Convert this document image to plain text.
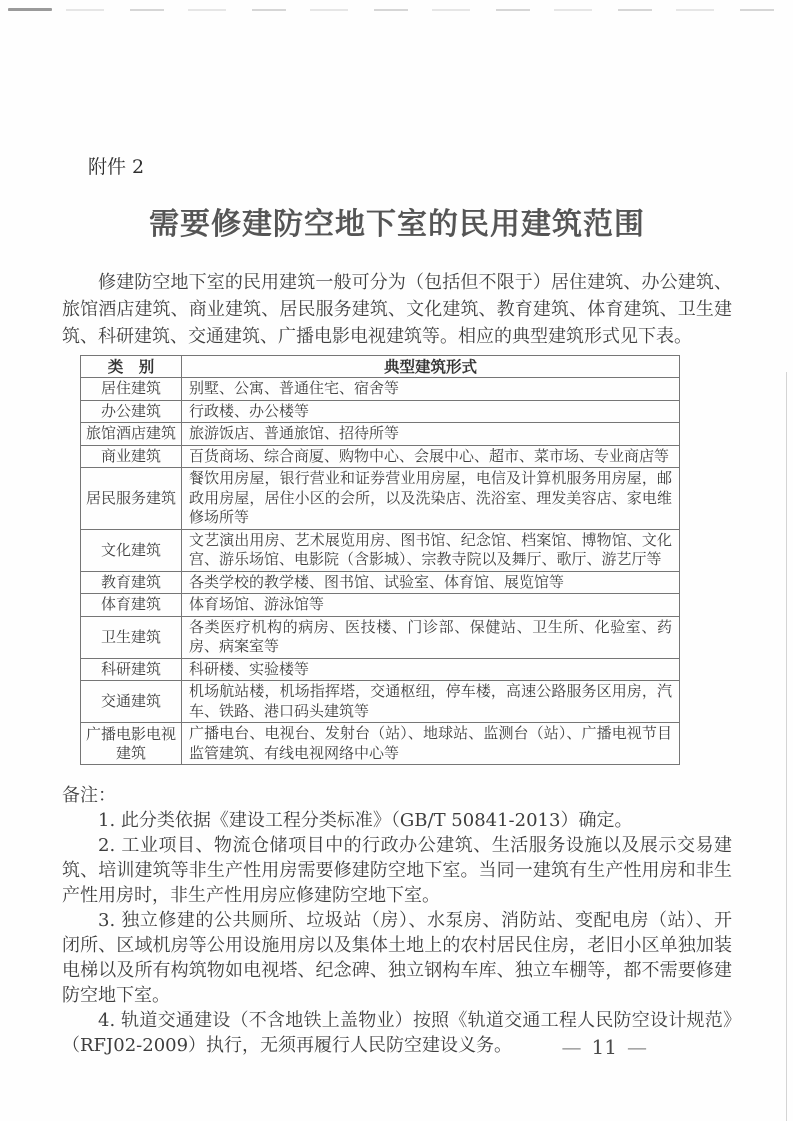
附件 2
需要修建防空地下室的民用建筑范围

修建防空地下室的民用建筑一般可分为（包括但不限于）居住建筑、办公建筑、旅馆酒店建筑、商业建筑、居民服务建筑、文化建筑、教育建筑、体育建筑、卫生建筑、科研建筑、交通建筑、广播电影电视建筑等。相应的典型建筑形式见下表。

类　别	典型建筑形式
居住建筑	别墅、公寓、普通住宅、宿舍等
办公建筑	行政楼、办公楼等
旅馆酒店建筑	旅游饭店、普通旅馆、招待所等
商业建筑	百货商场、综合商厦、购物中心、会展中心、超市、菜市场、专业商店等
居民服务建筑	餐饮用房屋，银行营业和证券营业用房屋，电信及计算机服务用房屋，邮政用房屋，居住小区的会所，以及洗染店、洗浴室、理发美容店、家电维修场所等
文化建筑	文艺演出用房、艺术展览用房、图书馆、纪念馆、档案馆、博物馆、文化宫、游乐场馆、电影院（含影城）、宗教寺院以及舞厅、歌厅、游艺厅等
教育建筑	各类学校的教学楼、图书馆、试验室、体育馆、展览馆等
体育建筑	体育场馆、游泳馆等
卫生建筑	各类医疗机构的病房、医技楼、门诊部、保健站、卫生所、化验室、药房、病案室等
科研建筑	科研楼、实验楼等
交通建筑	机场航站楼，机场指挥塔，交通枢纽，停车楼，高速公路服务区用房，汽车、铁路、港口码头建筑等
广播电影电视建筑	广播电台、电视台、发射台（站）、地球站、监测台（站）、广播电视节目监管建筑、有线电视网络中心等
备注：

1. 此分类依据《建设工程分类标准》（GB/T 50841-2013）确定。

2. 工业项目、物流仓储项目中的行政办公建筑、生活服务设施以及展示交易建筑、培训建筑等非生产性用房需要修建防空地下室。当同一建筑有生产性用房和非生产性用房时，非生产性用房应修建防空地下室。

3. 独立修建的公共厕所、垃圾站（房）、水泵房、消防站、变配电房（站）、开闭所、区域机房等公用设施用房以及集体土地上的农村居民住房，老旧小区单独加装电梯以及所有构筑物如电视塔、纪念碑、独立钢构车库、独立车棚等，都不需要修建防空地下室。

4. 轨道交通建设（不含地铁上盖物业）按照《轨道交通工程人民防空设计规范》（RFJ02-2009）执行，无须再履行人民防空建设义务。	— 11 —
